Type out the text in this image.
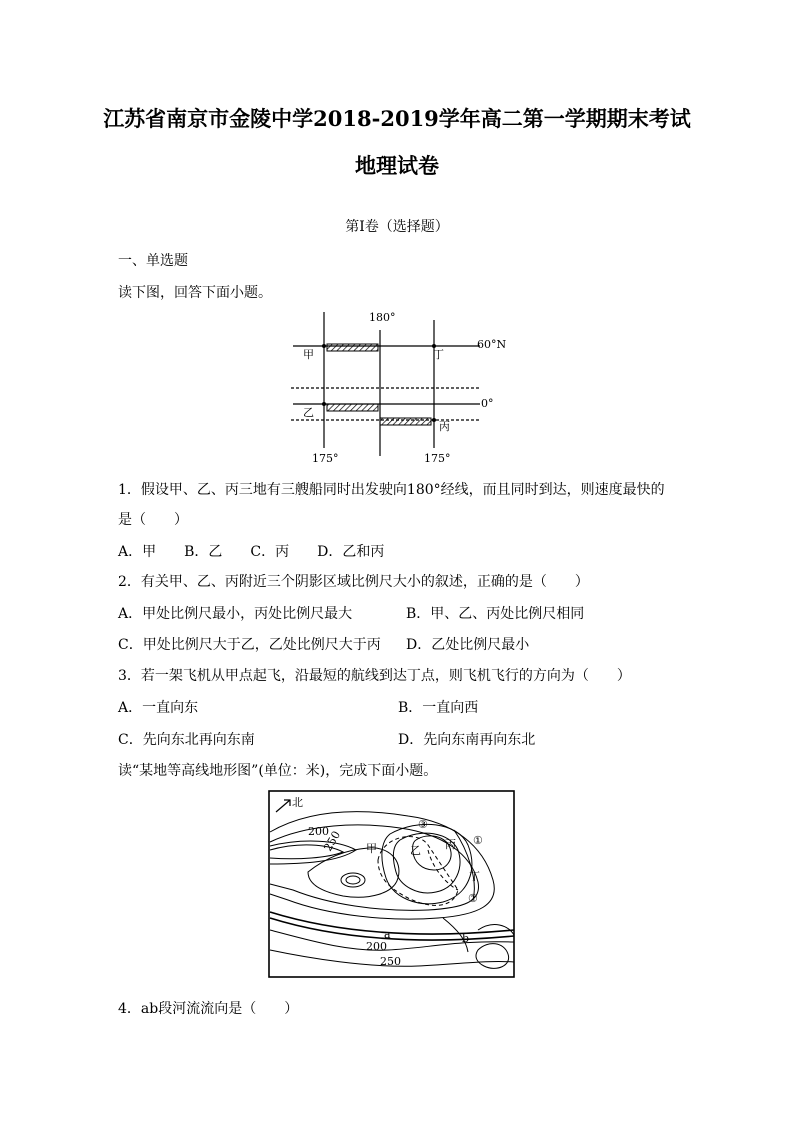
江苏省南京市金陵中学2018-2019学年高二第一学期期末考试
地理试卷
第I卷（选择题）
一、单选题
读下图，回答下面小题。
180°
60°N
0°
175°	175°
甲
乙
丙
丁
1．假设甲、乙、丙三地有三艘船同时出发驶向180°经线，而且同时到达，则速度最快的
是（　　）
A．甲　　B．乙　　C．丙　　D．乙和丙
2．有关甲、乙、丙附近三个阴影区域比例尺大小的叙述，正确的是（　　）
A．甲处比例尺最小，丙处比例尺最大	B．甲、乙、丙处比例尺相同
C．甲处比例尺大于乙，乙处比例尺大于丙 D．乙处比例尺最小
3．若一架飞机从甲点起飞，沿最短的航线到达丁点，则飞机飞行的方向为（　　）
A．一直向东	B．一直向西
C．先向东北再向东南	D．先向东南再向东北
读“某地等高线地形图”(单位：米)，完成下面小题。
北
200
250 甲	乙 丙
丁
①
②
③
a	b
200
250
4．ab段河流流向是（　　）
